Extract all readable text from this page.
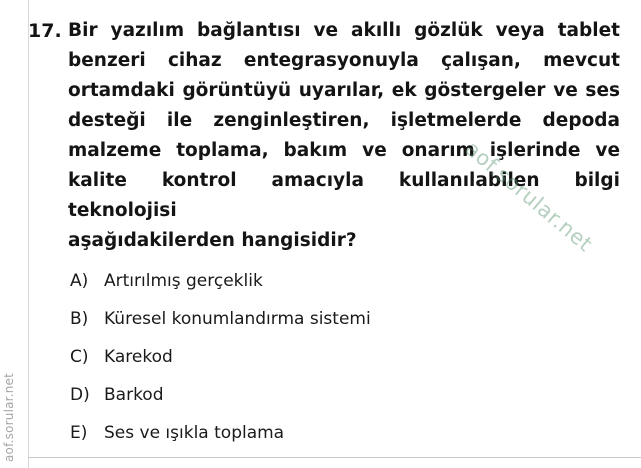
aof.sorular.net
17. Bir yazılım bağlantısı ve akıllı gözlük veya tablet benzeri cihaz entegrasyonuyla çalışan, mevcut ortamdaki görüntüyü uyarılar, ek göstergeler ve ses desteği ile zenginleştiren, işletmelerde depoda malzeme toplama, bakım ve onarım işlerinde ve kalite kontrol amacıyla kullanılabilen bilgi teknolojisi
aşağıdakilerden hangisidir?
A) Artırılmış gerçeklik
B) Küresel konumlandırma sistemi
C) Karekod
D) Barkod
E) Ses ve ışıkla toplama
aof.sorular.net
